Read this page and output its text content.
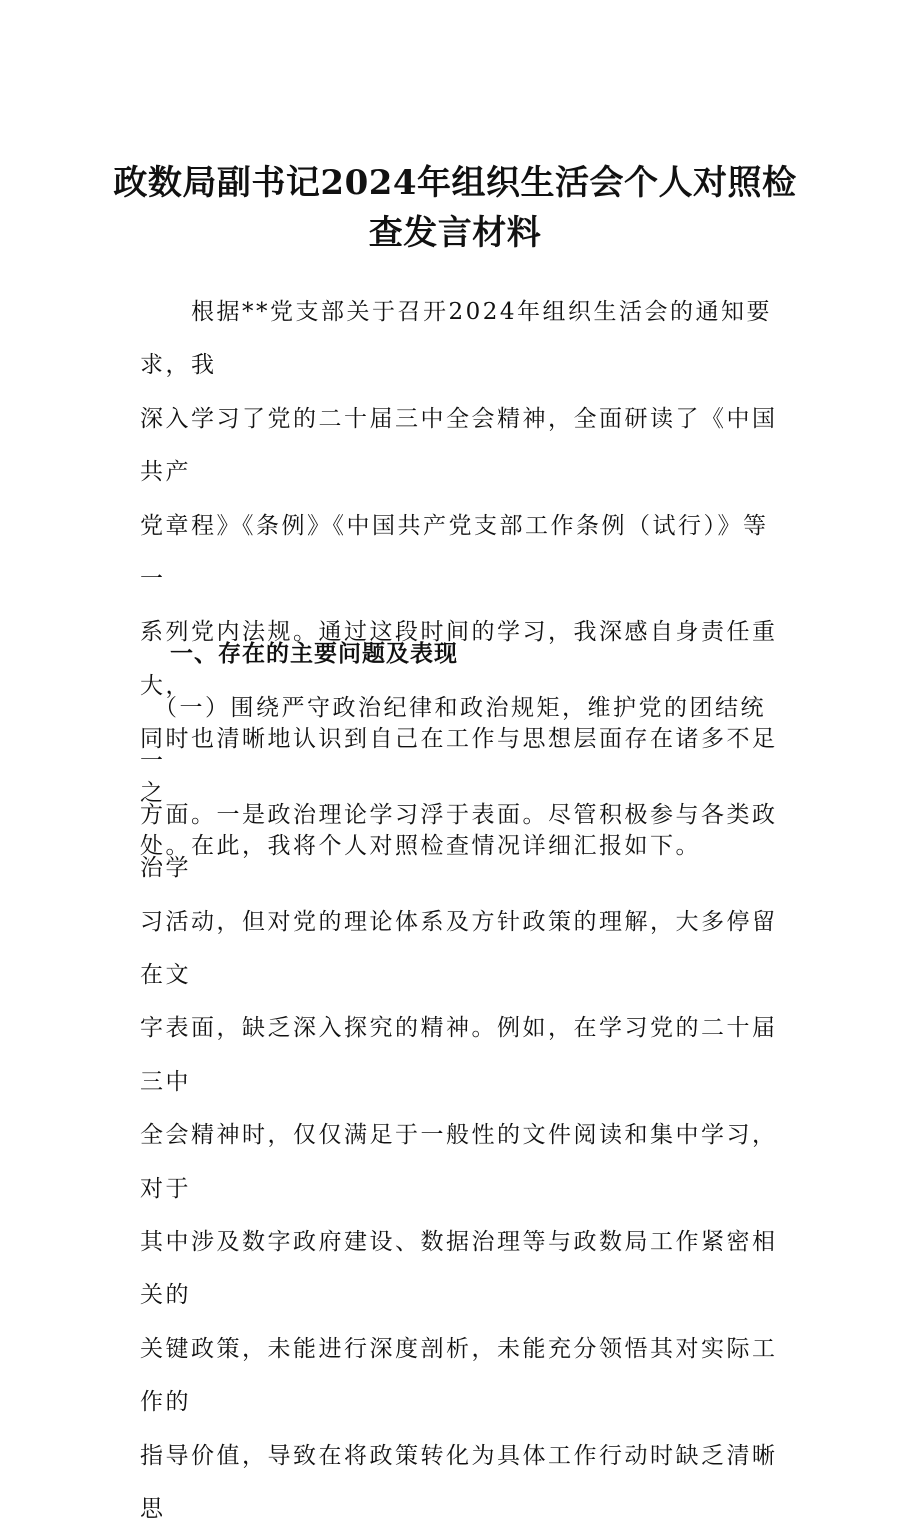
政数局副书记2024年组织生活会个人对照检
查发言材料

　　根据**党支部关于召开2024年组织生活会的通知要求，我
深入学习了党的二十届三中全会精神，全面研读了《中国共产
党章程》《条例》《中国共产党支部工作条例（试行）》等一
系列党内法规。通过这段时间的学习，我深感自身责任重大，
同时也清晰地认识到自己在工作与思想层面存在诸多不足之
处。在此，我将个人对照检查情况详细汇报如下。

一、存在的主要问题及表现

　（一）围绕严守政治纪律和政治规矩，维护党的团结统一
方面。一是政治理论学习浮于表面。尽管积极参与各类政治学
习活动，但对党的理论体系及方针政策的理解，大多停留在文
字表面，缺乏深入探究的精神。例如，在学习党的二十届三中
全会精神时，仅仅满足于一般性的文件阅读和集中学习，对于
其中涉及数字政府建设、数据治理等与政数局工作紧密相关的
关键政策，未能进行深度剖析，未能充分领悟其对实际工作的
指导价值，导致在将政策转化为具体工作行动时缺乏清晰思
